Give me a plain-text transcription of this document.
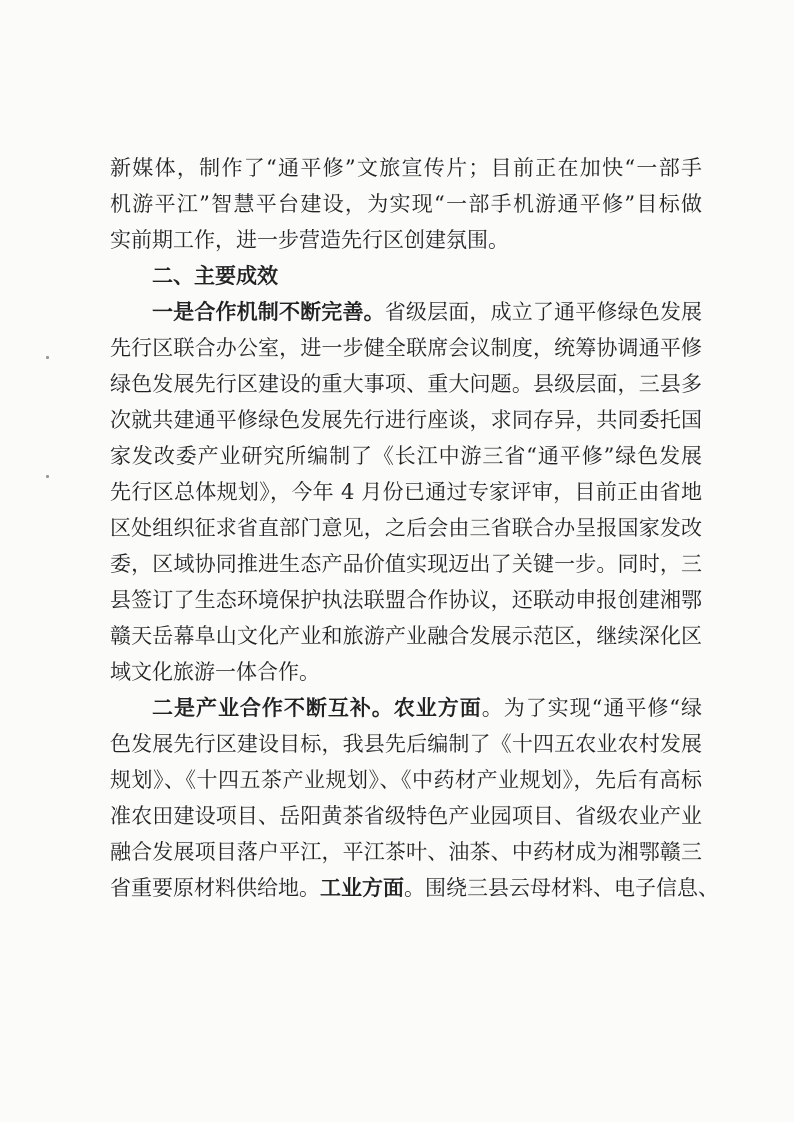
新媒体，制作了“通平修”文旅宣传片；目前正在加快“一部手
机游平江”智慧平台建设，为实现“一部手机游通平修”目标做
实前期工作，进一步营造先行区创建氛围。
二、主要成效
一是合作机制不断完善。省级层面，成立了通平修绿色发展
先行区联合办公室，进一步健全联席会议制度，统筹协调通平修
绿色发展先行区建设的重大事项、重大问题。县级层面，三县多
次就共建通平修绿色发展先行进行座谈，求同存异，共同委托国
家发改委产业研究所编制了《长江中游三省“通平修”绿色发展
先行区总体规划》，今年 4 月份已通过专家评审，目前正由省地
区处组织征求省直部门意见，之后会由三省联合办呈报国家发改
委，区域协同推进生态产品价值实现迈出了关键一步。同时，三
县签订了生态环境保护执法联盟合作协议，还联动申报创建湘鄂
赣天岳幕阜山文化产业和旅游产业融合发展示范区，继续深化区
域文化旅游一体合作。
二是产业合作不断互补。农业方面。为了实现“通平修“绿
色发展先行区建设目标，我县先后编制了《十四五农业农村发展
规划》、《十四五茶产业规划》、《中药材产业规划》，先后有高标
准农田建设项目、岳阳黄茶省级特色产业园项目、省级农业产业
融合发展项目落户平江，平江茶叶、油茶、中药材成为湘鄂赣三
省重要原材料供给地。工业方面。围绕三县云母材料、电子信息、
